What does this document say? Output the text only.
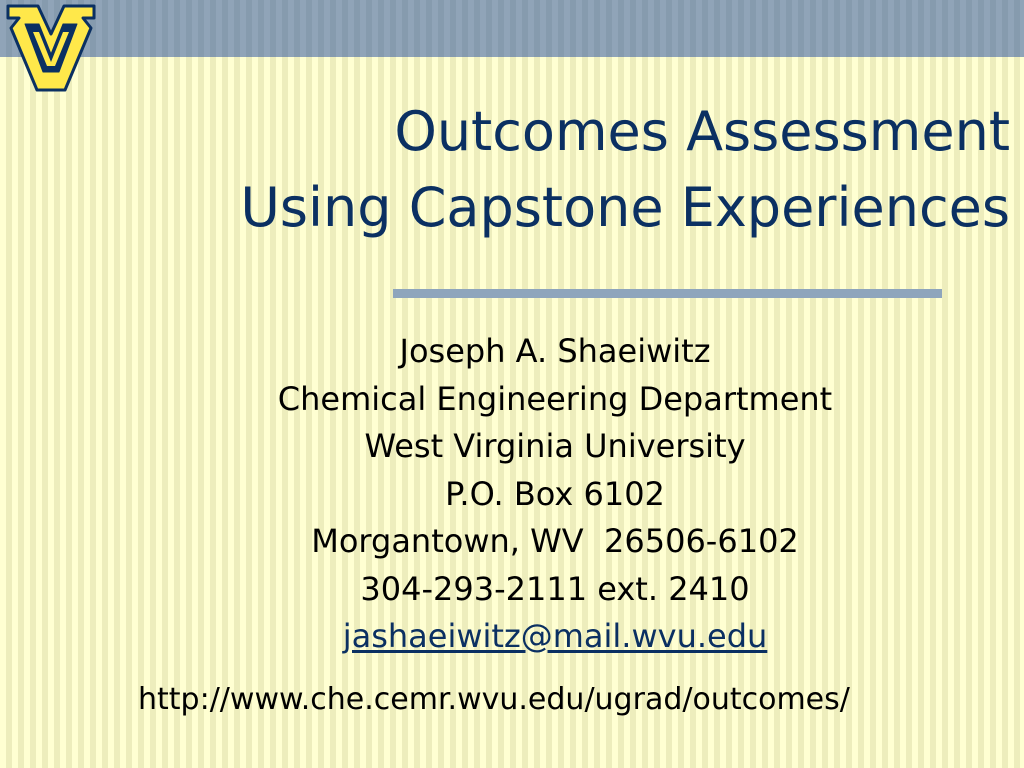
Outcomes Assessment
Using Capstone Experiences
Joseph A. Shaeiwitz
Chemical Engineering Department
West Virginia University
P.O. Box 6102
Morgantown, WV  26506-6102
304-293-2111 ext. 2410
jashaeiwitz@mail.wvu.edu
http://www.che.cemr.wvu.edu/ugrad/outcomes/
